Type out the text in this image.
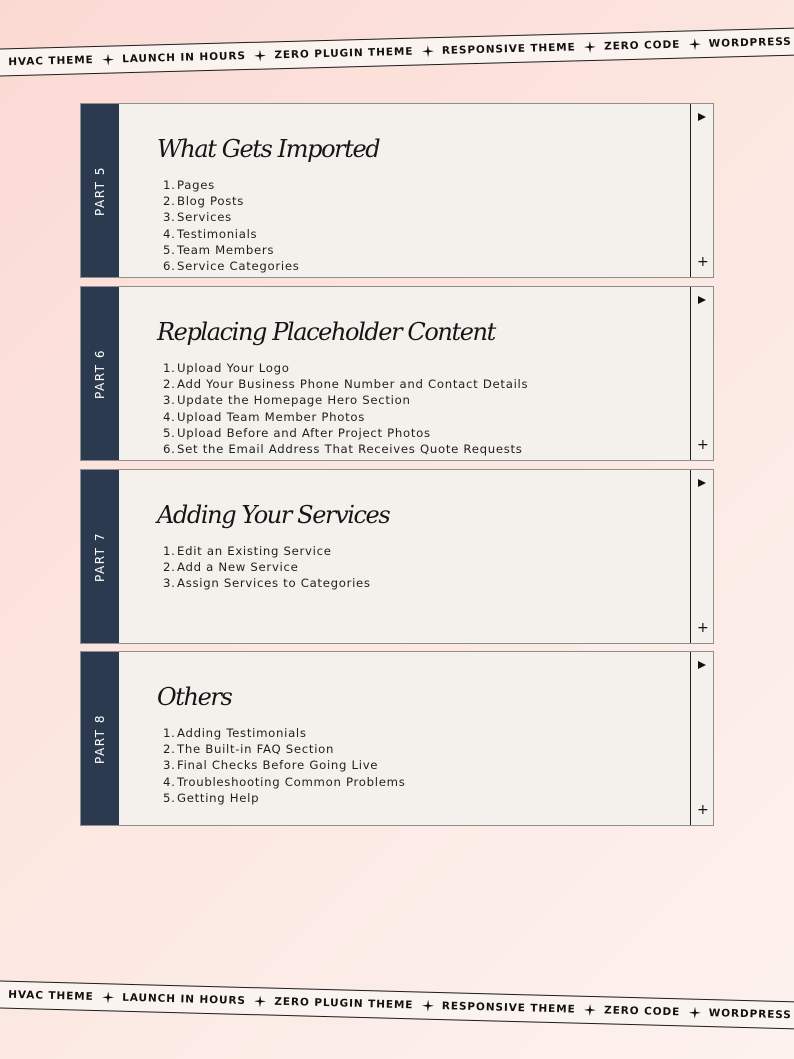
HVAC THEME	LAUNCH IN HOURS	ZERO PLUGIN THEME	RESPONSIVE THEME	ZERO CODE	WORDPRESS
PART 5
What Gets Imported
1.Pages
2.Blog Posts
3.Services
4.Testimonials
5.Team Members
6.Service Categories	+
PART 6
Replacing Placeholder Content
1.Upload Your Logo
2.Add Your Business Phone Number and Contact Details
3.Update the Homepage Hero Section
4.Upload Team Member Photos
5.Upload Before and After Project Photos
6.Set the Email Address That Receives Quote Requests	+
PART 7
Adding Your Services
1.Edit an Existing Service
2.Add a New Service
3.Assign Services to Categories
+
PART 8
Others
1.Adding Testimonials
2.The Built-in FAQ Section
3.Final Checks Before Going Live
4.Troubleshooting Common Problems
5.Getting Help
+
HVAC THEME	LAUNCH IN HOURS	ZERO PLUGIN THEME	RESPONSIVE THEME	ZERO CODE	WORDPRESS
